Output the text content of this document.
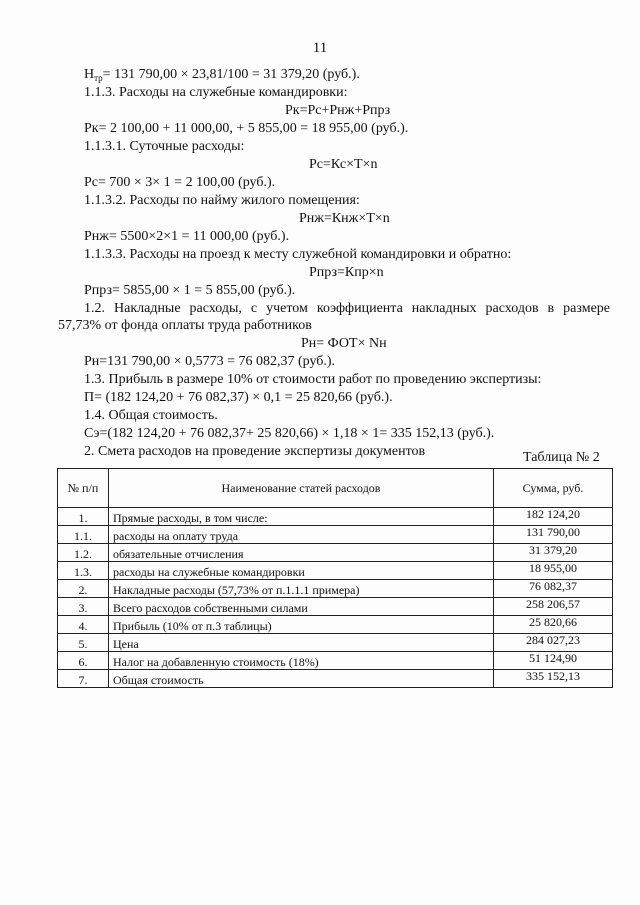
11
$Н_{тр}= 131$ 790,00 × 23,81/100 = 31 379,20 (руб.).
1.1.3. Расходы на служебные командировки:
Рк=Рс+Рнж+Рпрз
Рк= 2 100,00 + 11 000,00, + 5 855,00 = 18 955,00 (руб.).
1.1.3.1. Суточные расходы:
Рс=Кс×Т×n
Рс= 700 × 3× 1 = 2 100,00 (руб.).
1.1.3.2. Расходы по найму жилого помещения:
Рнж=Кнж×Т×n
Рнж= 5500×2×1 = 11 000,00 (руб.).
1.1.3.3. Расходы на проезд к месту служебной командировки и обратно:
Рпрз=Кпр×n
Рпрз= 5855,00 × 1 = 5 855,00 (руб.).
1.2. Накладные расходы, с учетом коэффициента накладных расходов в размере
57,73% от фонда оплаты труда работников
Рн= ФОТ× Nн
Рн=131 790,00 × 0,5773 = 76 082,37 (руб.).
1.3. Прибыль в размере 10% от стоимости работ по проведению экспертизы:
П= (182 124,20 + 76 082,37) × 0,1 = 25 820,66 (руб.).
1.4. Общая стоимость.
Сэ=(182 124,20 + 76 082,37+ 25 820,66) × 1,18 × 1= 335 152,13 (руб.).
2. Смета расходов на проведение экспертизы документов	Таблица № 2
№ п/п	Наименование статей расходов	Сумма, руб.
1.	Прямые расходы, в том числе:	182 124,20
1.1.	расходы на оплату труда	131 790,00
1.2.	обязательные отчисления	31 379,20
1.3.	расходы на служебные командировки	18 955,00
2.	Накладные расходы (57,73% от п.1.1.1 примера)	76 082,37
3.	Всего расходов собственными силами	258 206,57
4.	Прибыль (10% от п.3 таблицы)	25 820,66
5.	Цена	284 027,23
6.	Налог на добавленную стоимость (18%)	51 124,90
7.	Общая стоимость	335 152,13
